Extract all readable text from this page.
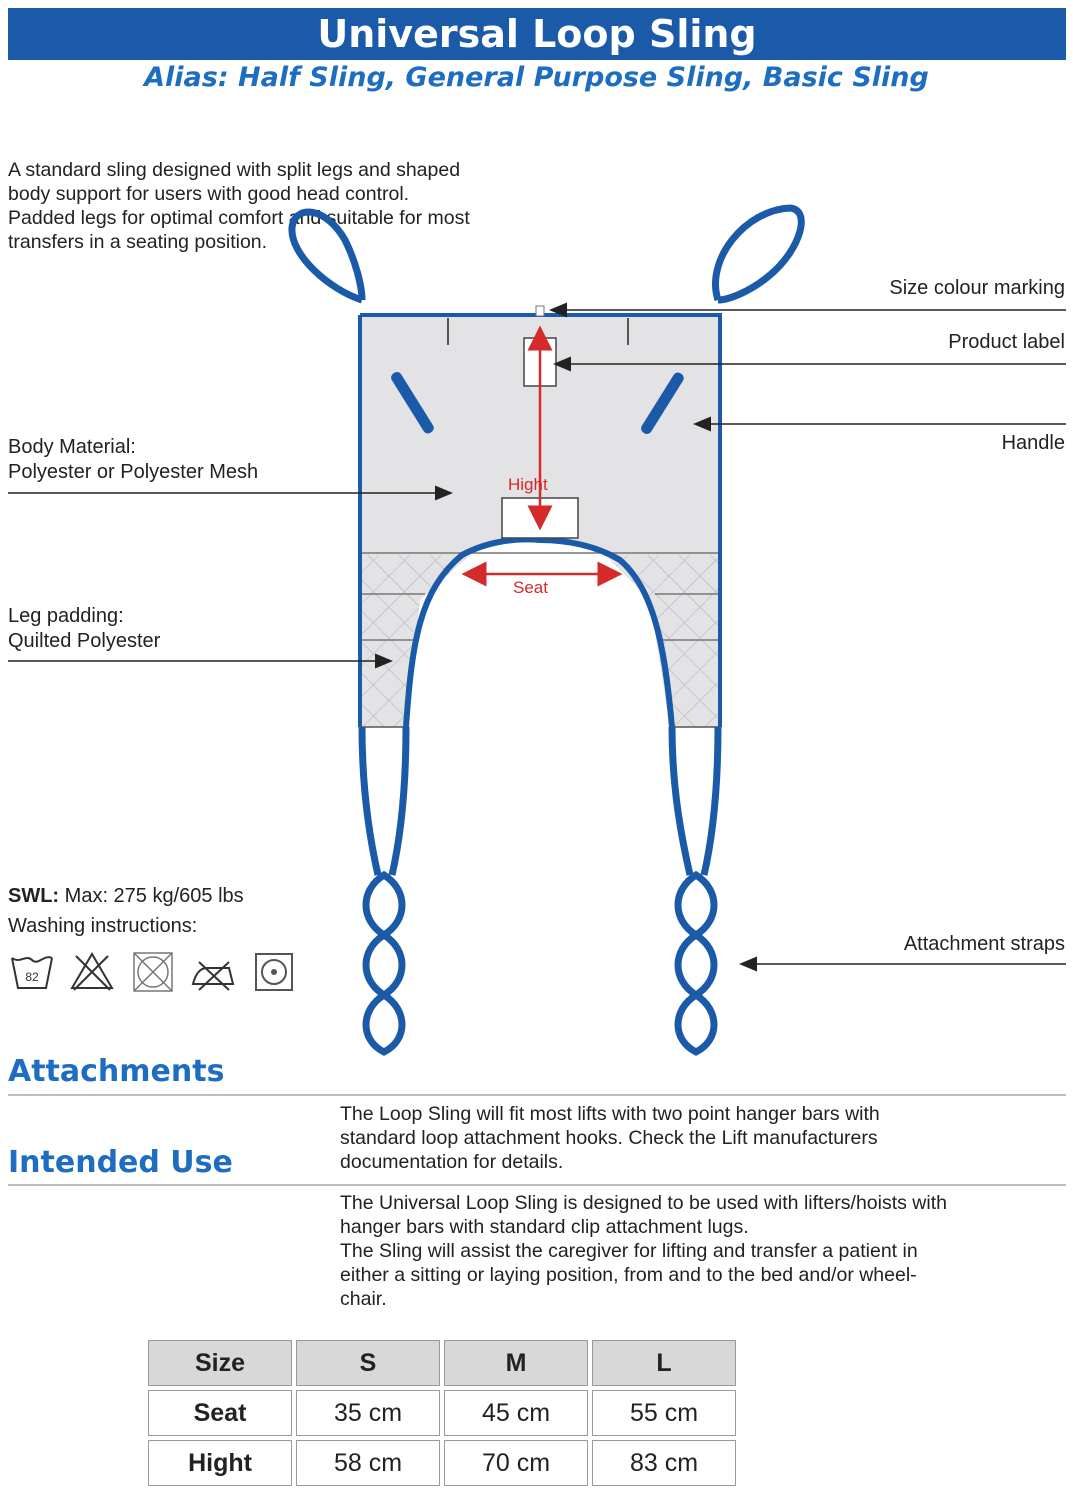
Universal Loop Sling
Alias: Half Sling, General Purpose Sling, Basic Sling
A standard sling designed with split legs and shaped
body support for users with good head control.
Padded legs for optimal comfort and suitable for most
transfers in a seating position.
Hight
Seat
Size colour marking
Product label
Handle
Attachment straps
Body Material:
Polyester or Polyester Mesh
Leg padding:
Quilted Polyester
SWL: Max: 275 kg/605 lbs
Washing instructions:
82

Attachments
The Loop Sling will fit most lifts with two point hanger bars with
standard loop attachment hooks. Check the Lift manufacturers
documentation for details.
Intended Use
The Universal Loop Sling is designed to be used with lifters/hoists with
hanger bars with standard clip attachment lugs.
The Sling will assist the caregiver for lifting and transfer a patient in
either a sitting or laying position, from and to the bed and/or wheel-
chair.
Size	S	M	L
Seat	35 cm	45 cm	55 cm
Hight	58 cm	70 cm	83 cm
